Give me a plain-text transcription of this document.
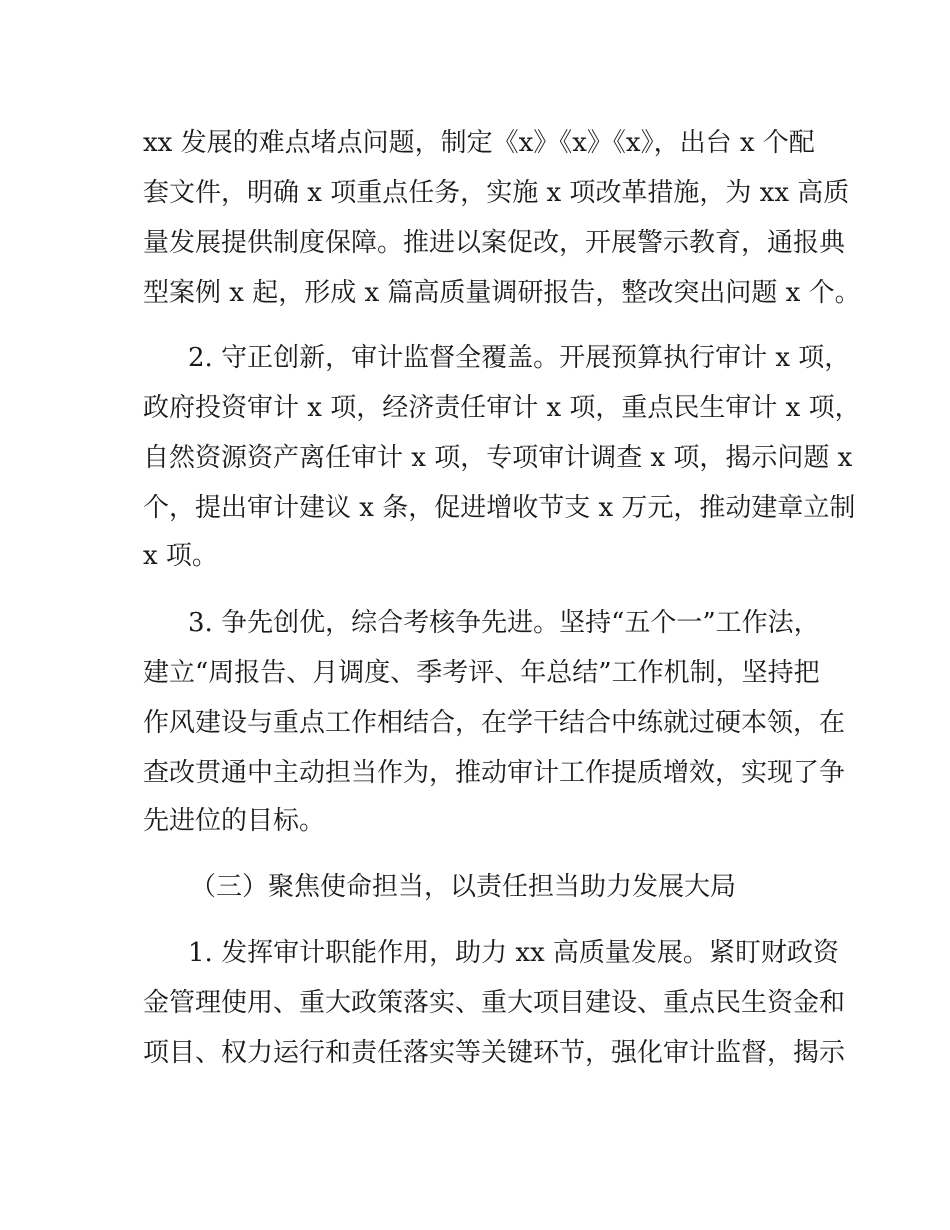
xx 发展的难点堵点问题，制定《x》《x》《x》，出台 x 个配

套文件，明确 x 项重点任务，实施 x 项改革措施，为 xx 高质

量发展提供制度保障。推进以案促改，开展警示教育，通报典

型案例 x 起，形成 x 篇高质量调研报告，整改突出问题 x 个。

2. 守正创新，审计监督全覆盖。开展预算执行审计 x 项，

政府投资审计 x 项，经济责任审计 x 项，重点民生审计 x 项，

自然资源资产离任审计 x 项，专项审计调查 x 项，揭示问题 x

个，提出审计建议 x 条，促进增收节支 x 万元，推动建章立制

x 项。

3. 争先创优，综合考核争先进。坚持“五个一”工作法，

建立“周报告、月调度、季考评、年总结”工作机制，坚持把

作风建设与重点工作相结合，在学干结合中练就过硬本领，在

查改贯通中主动担当作为，推动审计工作提质增效，实现了争

先进位的目标。

（三）聚焦使命担当，以责任担当助力发展大局

1. 发挥审计职能作用，助力 xx 高质量发展。紧盯财政资

金管理使用、重大政策落实、重大项目建设、重点民生资金和

项目、权力运行和责任落实等关键环节，强化审计监督，揭示
